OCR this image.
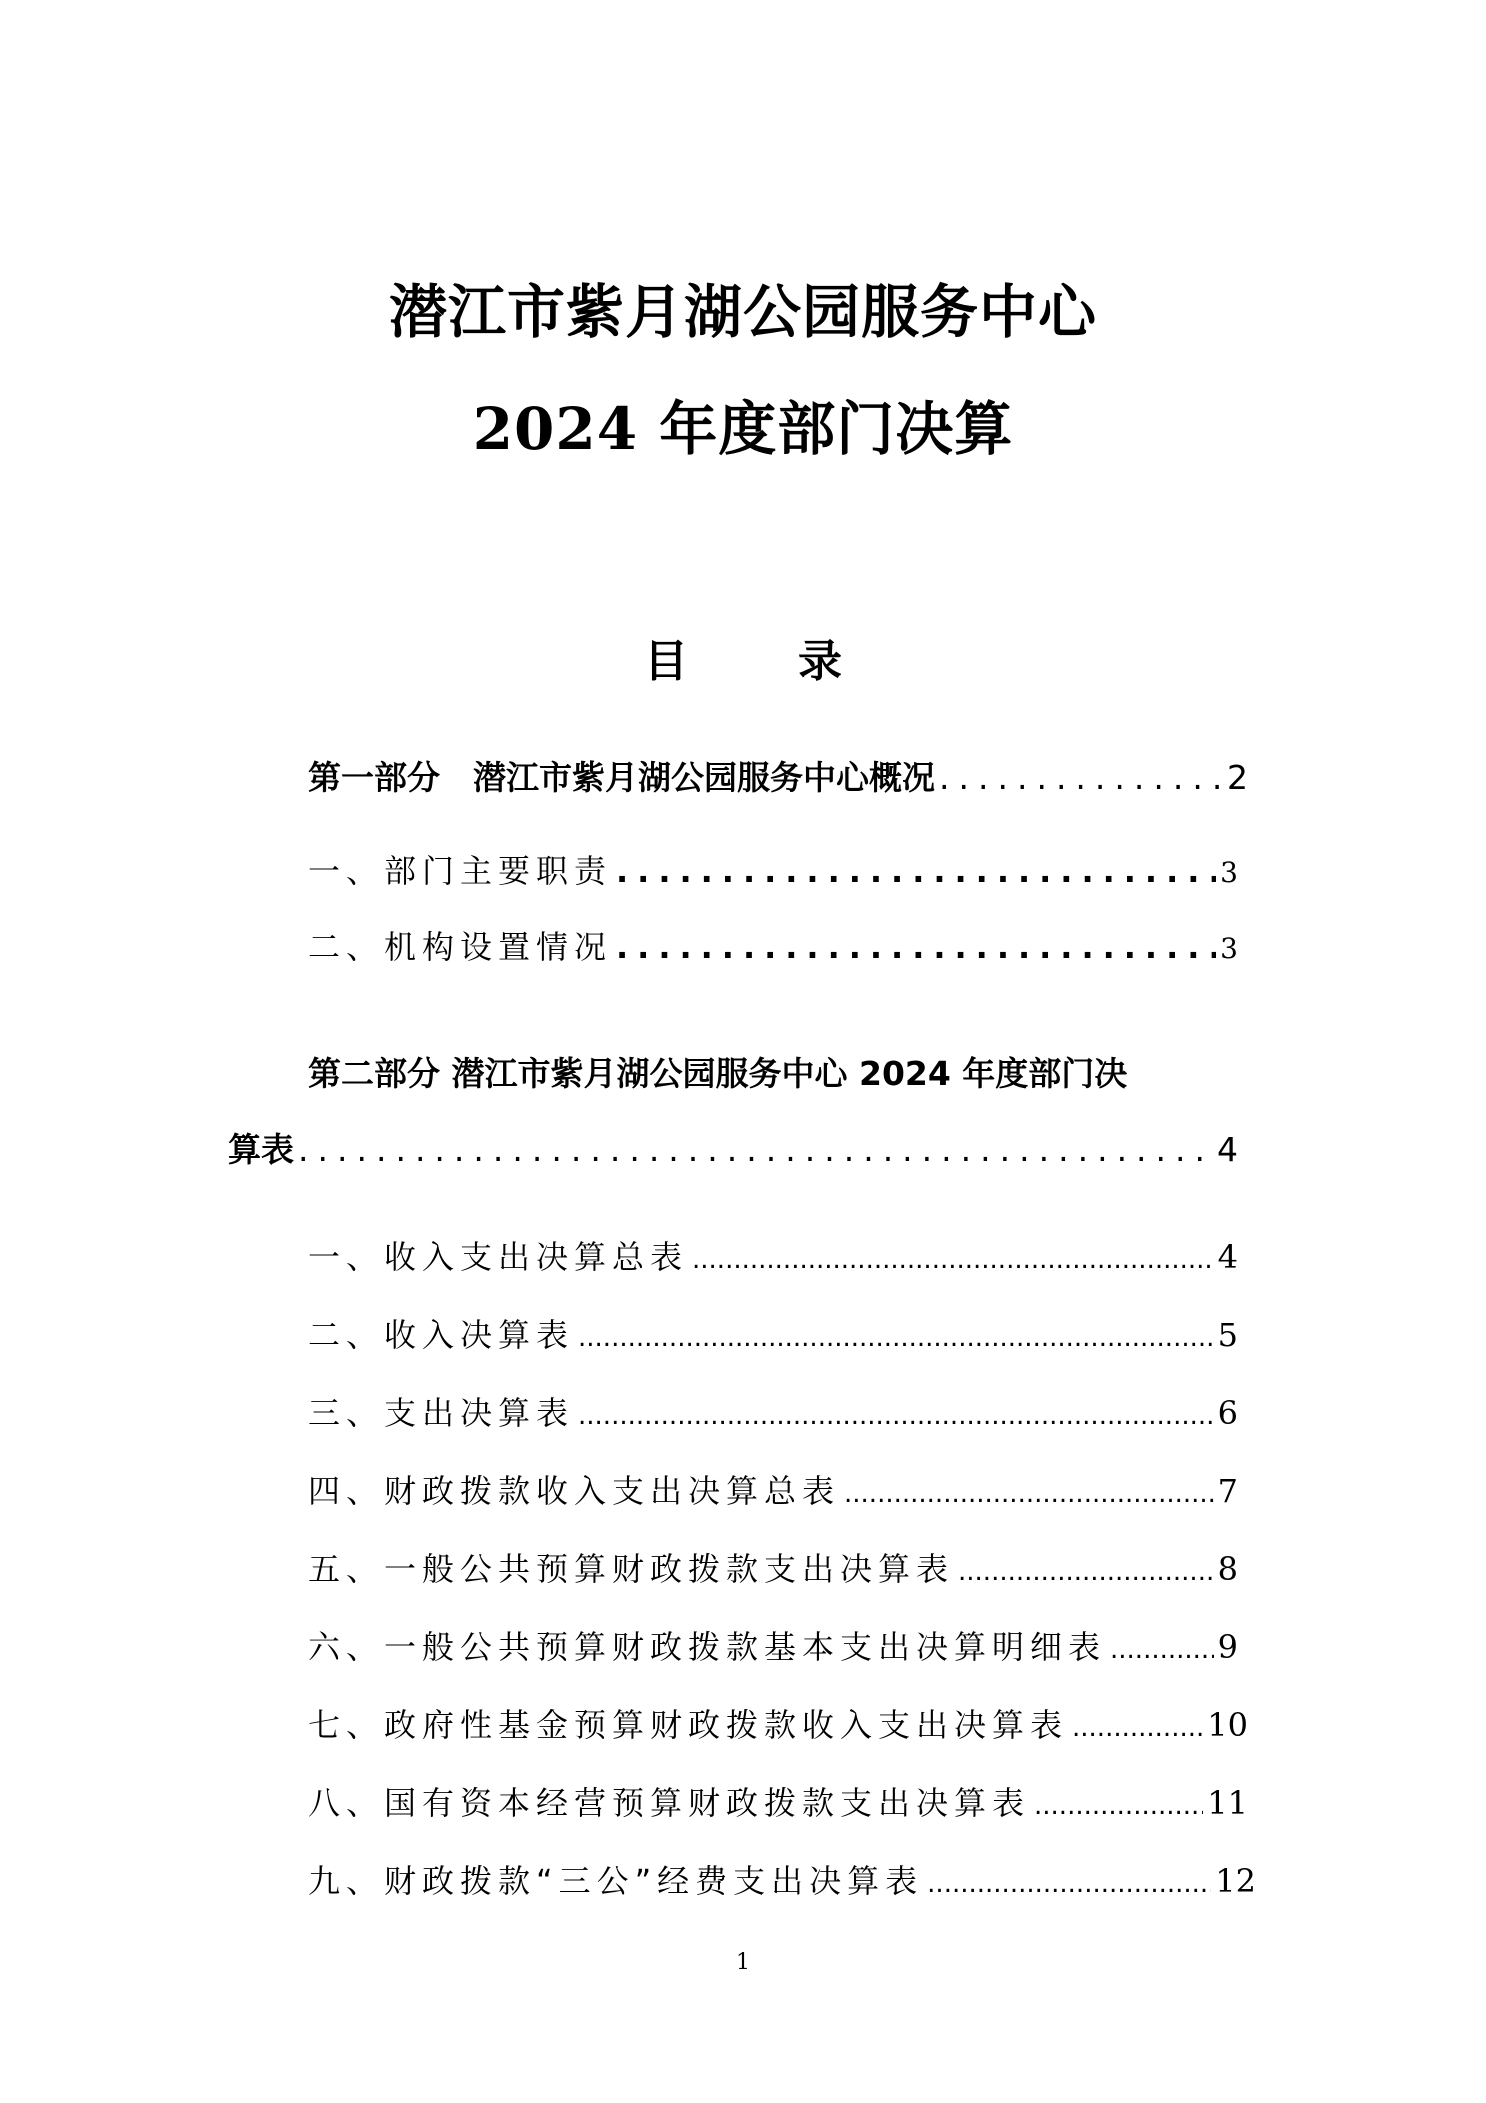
潜江市紫月湖公园服务中心
2024 年度部门决算
目	录
第一部分　潜江市紫月湖公园服务中心概况 .....	2
一、部门主要职责 .....	3
二、机构设置情况 .....	3
第二部分 潜江市紫月湖公园服务中心 2024 年度部门决
算表 .....	4
一、收入支出决算总表 .....	4
二、收入决算表 .....	5
三、支出决算表 .....	6
四、财政拨款收入支出决算总表 .....	7
五、一般公共预算财政拨款支出决算表 .....	8
六、一般公共预算财政拨款基本支出决算明细表 .....	9
七、政府性基金预算财政拨款收入支出决算表 .....	10
八、国有资本经营预算财政拨款支出决算表 .....	11
九、财政拨款“三公”经费支出决算表 .....	12
1
